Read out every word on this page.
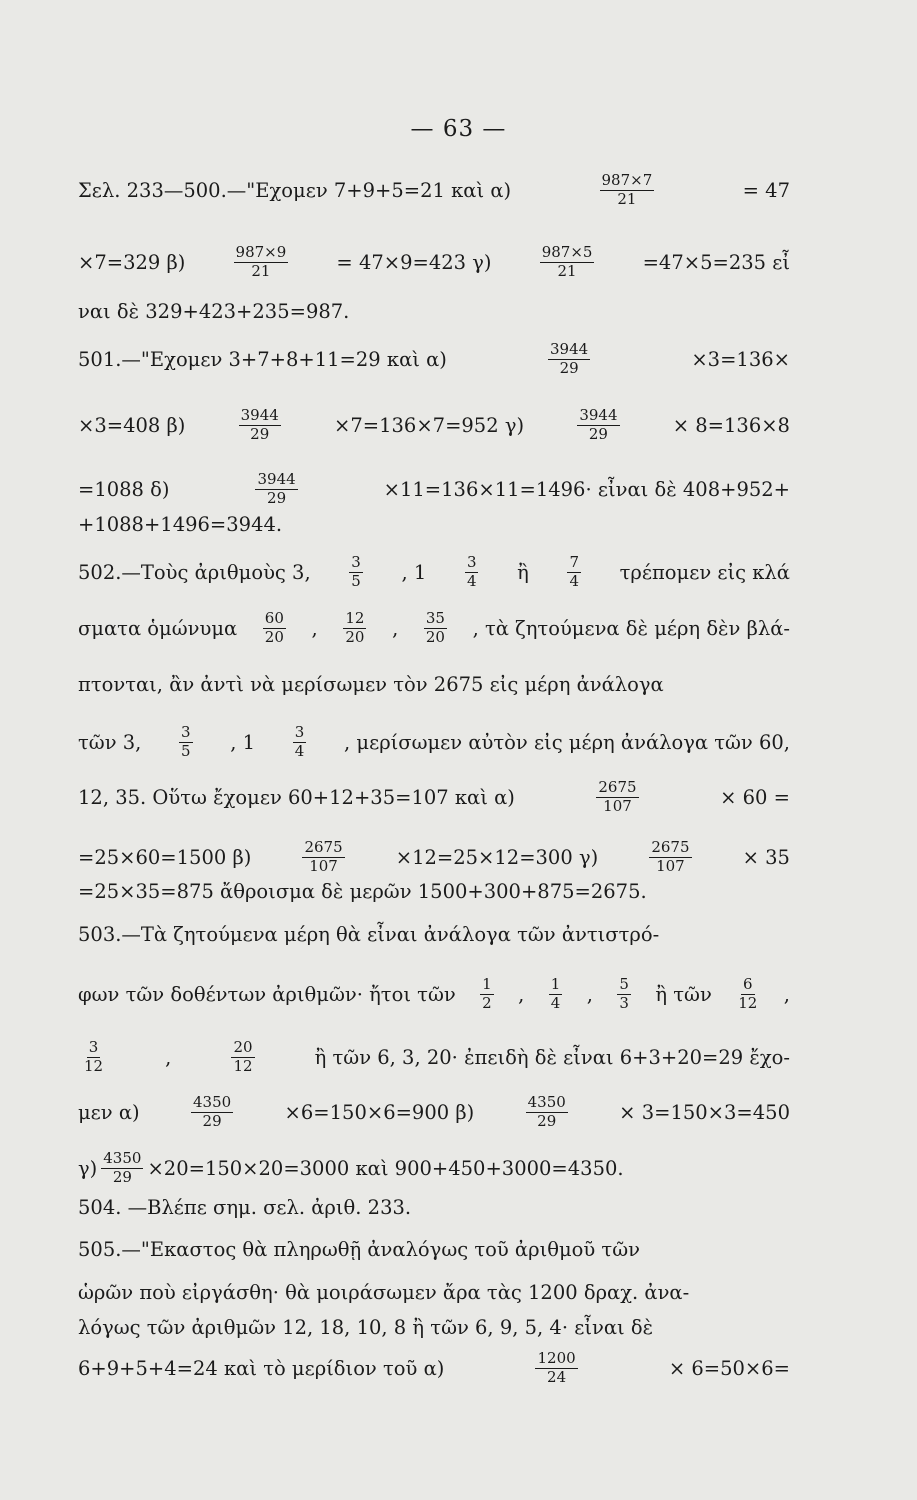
— 63 —
Σελ. 233—500.—"Εχομεν 7+9+5=21 καὶ α)	$\frac{987\times 7}{21}$	= 47
×7=329 β)	$\frac{987\times 9}{21} = 47\times 9=423$ γ)	$\frac{987\times 5}{21} =47\times 5=235$ εἶ
ναι δὲ 329+423+235=987.
501.—"Εχομεν 3+7+8+11=29 καὶ α)	$\frac{3944}{29}$	×3=136×
×3=408 β)	$\frac{3944}{29}$	×7=136×7=952 γ)	$\frac{3944}{29}$	× 8=136×8
=1088 δ)	$\frac{3944}{29}$	×11=136×11=1496· εἶναι δὲ 408+952+
+1088+1496=3944.
502.—Τοὺς ἀριθμοὺς 3,	$\frac{3}{5}$ , 1	$\frac{3}{4}$ ἢ	$\frac{7}{4}$ τρέπομεν εἰς κλά
σματα ὁμώνυμα $\frac{60}{20}$ , $\frac{12}{20}$ , $\frac{35}{20}$ , τὰ ζητούμενα δὲ μέρη δὲν βλά-
πτονται, ἂν ἀντὶ νὰ μερίσωμεν τὸν 2675 εἰς μέρη ἀνάλογα
τῶν 3,	$\frac{3}{5}$ , 1	$\frac{3}{4}$ , μερίσωμεν αὐτὸν εἰς μέρη ἀνάλογα τῶν 60,
12, 35. Οὕτω ἔχομεν 60+12+35=107 καὶ α)	$\frac{2675}{107}$	× 60 =
=25×60=1500 β)	$\frac{2675}{107}$	×12=25×12=300 γ)	$\frac{2675}{107}$	× 35
=25×35=875 ἄθροισμα δὲ μερῶν 1500+300+875=2675.
503.—Τὰ ζητούμενα μέρη θὰ εἶναι ἀνάλογα τῶν ἀντιστρό-
φων τῶν δοθέντων ἀριθμῶν· ἤτοι τῶν $\frac{1}{2}$ , $\frac{1}{4}$ , $\frac{5}{3}$ ἢ τῶν $\frac{6}{12}$ ,
$\frac{3}{12}$	,	$\frac{20}{12}$	ἢ τῶν 6, 3, 20· ἐπειδὴ δὲ εἶναι 6+3+20=29 ἔχο-
μεν α)	$\frac{4350}{29}$	×6=150×6=900 β)	$\frac{4350}{29}$	× 3=150×3=450
$\gamma) \frac{4350}{29} \times 20=150\times 20=3000$ καὶ 900+450+3000=4350.
504. —Βλέπε σημ. σελ. ἀριθ. 233.
505.—"Εκαστος θὰ πληρωθῇ ἀναλόγως τοῦ ἀριθμοῦ τῶν
ὡρῶν ποὺ εἰργάσθη· θὰ μοιράσωμεν ἄρα τὰς 1200 δραχ. ἀνα-
λόγως τῶν ἀριθμῶν 12, 18, 10, 8 ἢ τῶν 6, 9, 5, 4· εἶναι δὲ
6+9+5+4=24 καὶ τὸ μερίδιον τοῦ α)	$\frac{1200}{24}$	× 6=50×6=
